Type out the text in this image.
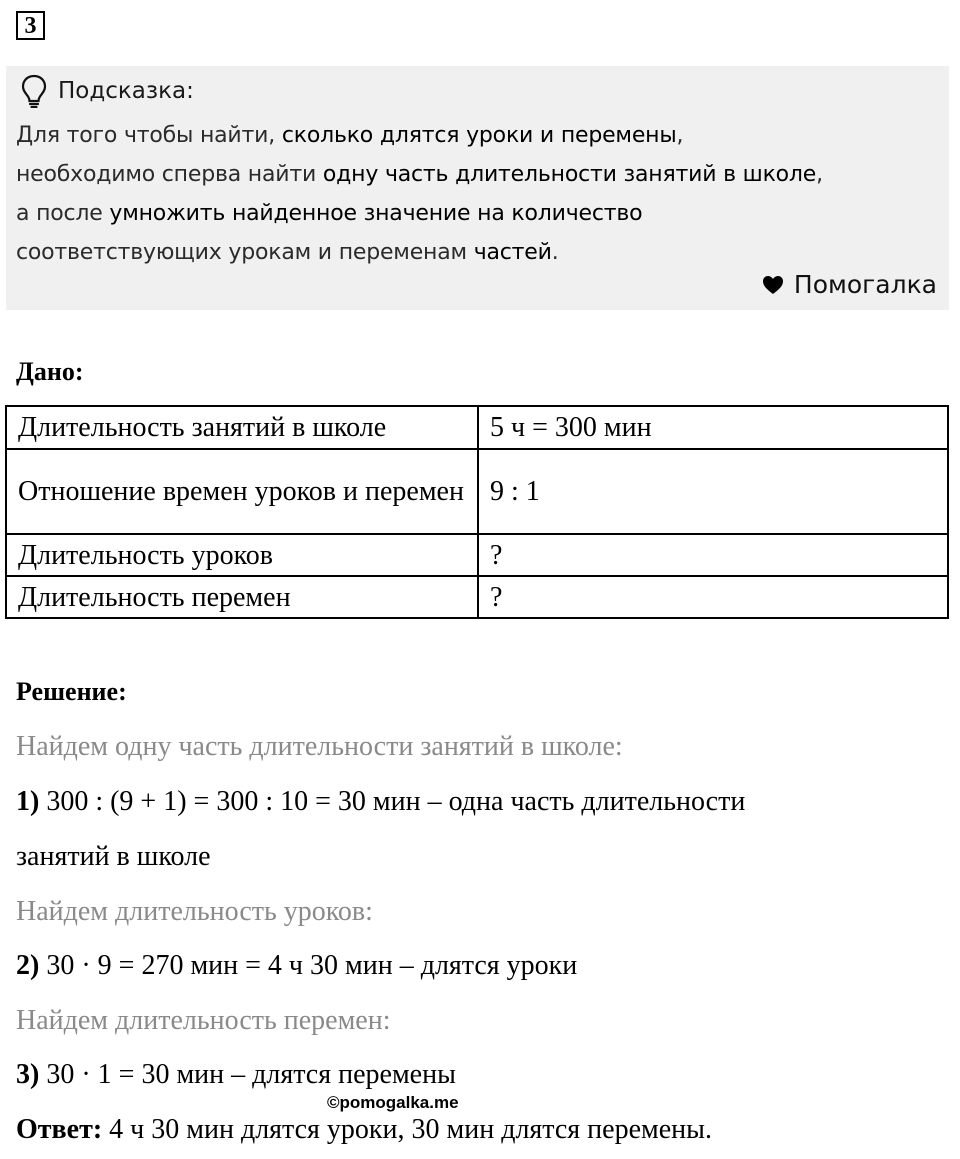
3
Подсказка:
Для того чтобы найти, сколько длятся уроки и перемены,
необходимо сперва найти одну часть длительности занятий в школе,
а после умножить найденное значение на количество
соответствующих урокам и переменам частей.
Помогалка
Дано:
Длительность занятий в школе	5 ч = 300 мин
Отношение времен уроков и перемен	9 : 1
Длительность уроков	?
Длительность перемен	?
Решение:
Найдем одну часть длительности занятий в школе:
1) 300 : (9 + 1) = 300 : 10 = 30 мин – одна часть длительности
занятий в школе
Найдем длительность уроков:
2) 30 · 9 = 270 мин = 4 ч 30 мин – длятся уроки
Найдем длительность перемен:
3) 30 · 1 = 30 мин – длятся перемены
©pomogalka.me
Ответ: 4 ч 30 мин длятся уроки, 30 мин длятся перемены.
